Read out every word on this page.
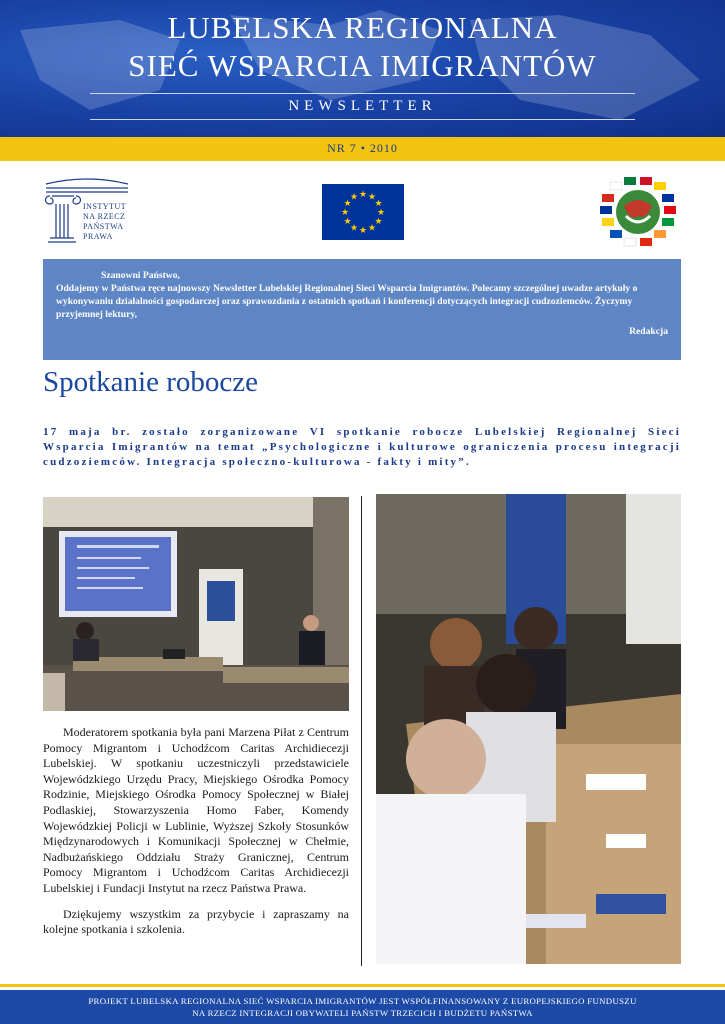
LUBELSKA REGIONALNA
SIEĆ WSPARCIA IMIGRANTÓW
NEWSLETTER
NR 7 • 2010
INSTYTUT
NA RZECZ
PAŃSTWA
PRAWA
★ ★
★
★
★
★
★
★
★
★
★
★

Szanowni Państwo,

Oddajemy w Państwa ręce najnowszy Newsletter Lubelskiej Regionalnej Sieci Wsparcia Imigrantów. Polecamy szczególnej uwadze artykuły o wykonywaniu działalności gospodarczej oraz sprawozdania z ostatnich spotkań i konferencji dotyczących integracji cudzoziemców. Życzymy przyjemnej lektury,

Redakcja

Spotkanie robocze
17 maja br. zostało zorganizowane VI spotkanie robocze Lubelskiej Regionalnej Sieci Wsparcia Imigrantów na temat „Psychologiczne i kulturowe ograniczenia procesu integracji cudzoziemców. Integracja społeczno-kulturowa - fakty i mity”.

Moderatorem spotkania była pani Marzena Piłat z Centrum Pomocy Migrantom i Uchodźcom Caritas Archidiecezji Lubelskiej. W spotkaniu uczestniczyli przedstawiciele Wojewódzkiego Urzędu Pracy, Miejskiego Ośrodka Pomocy Rodzinie, Miejskiego Ośrodka Pomocy Społecznej w Białej Podlaskiej, Stowarzyszenia Homo Faber, Komendy Wojewódzkiej Policji w Lublinie, Wyższej Szkoły Stosunków Międzynarodowych i Komunikacji Społecznej w Chełmie, Nadbużańskiego Oddziału Straży Granicznej, Centrum Pomocy Migrantom i Uchodźcom Caritas Archidiecezji Lubelskiej i Fundacji Instytut na rzecz Państwa Prawa.

Dziękujemy wszystkim za przybycie i zapraszamy na kolejne spotkania i szkolenia.

PROJEKT LUBELSKA REGIONALNA SIEĆ WSPARCIA IMIGRANTÓW JEST WSPÓŁFINANSOWANY Z EUROPEJSKIEGO FUNDUSZU
NA RZECZ INTEGRACJI OBYWATELI PAŃSTW TRZECICH I BUDŻETU PAŃSTWA
